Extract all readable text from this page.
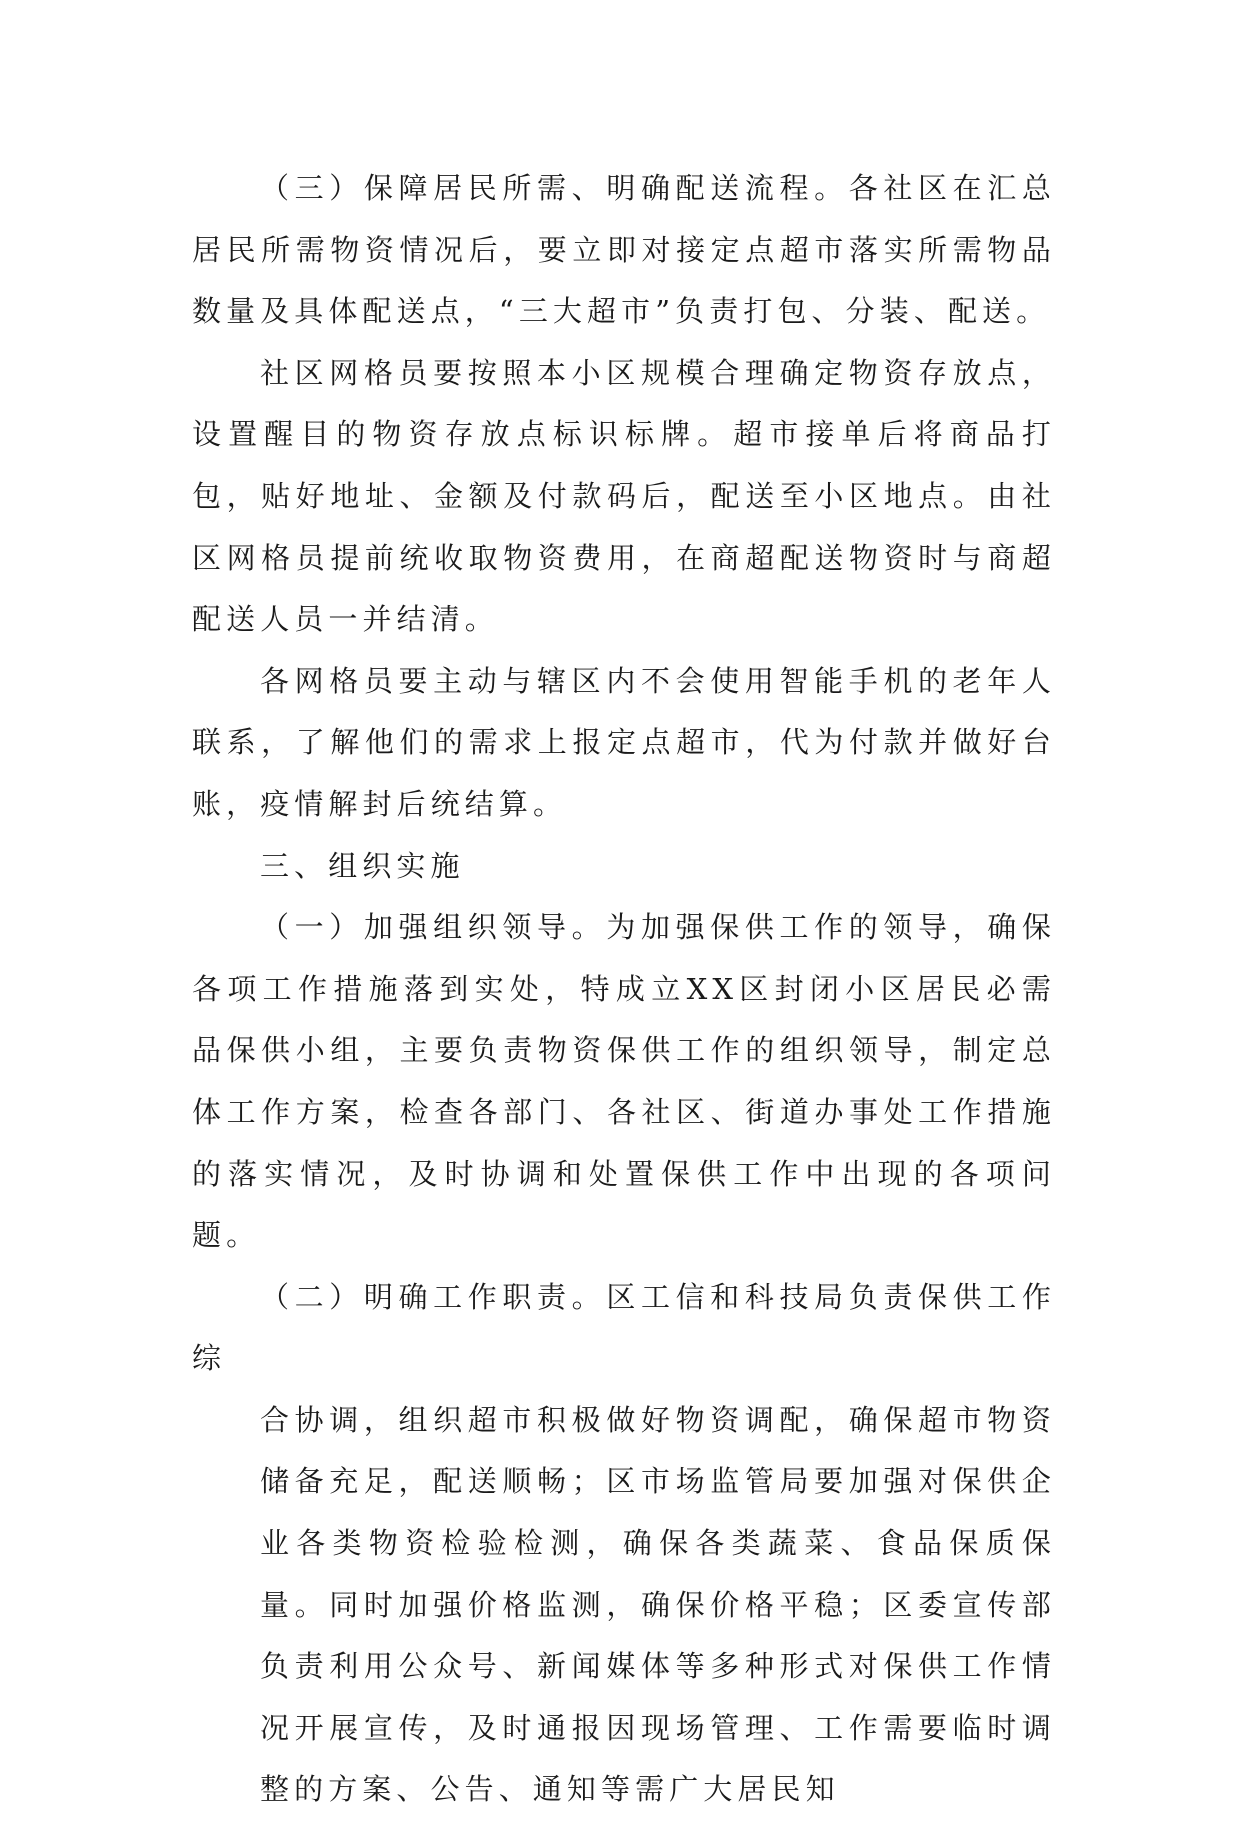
（三）保障居民所需、明确配送流程。各社区在汇总居民所需物资情况后，要立即对接定点超市落实所需物品数量及具体配送点，“三大超市”负责打包、分装、配送。

社区网格员要按照本小区规模合理确定物资存放点，设置醒目的物资存放点标识标牌。超市接单后将商品打包，贴好地址、金额及付款码后，配送至小区地点。由社区网格员提前统收取物资费用，在商超配送物资时与商超配送人员一并结清。

各网格员要主动与辖区内不会使用智能手机的老年人联系，了解他们的需求上报定点超市，代为付款并做好台账，疫情解封后统结算。

三、组织实施

（一）加强组织领导。为加强保供工作的领导，确保各项工作措施落到实处，特成立XX区封闭小区居民必需品保供小组，主要负责物资保供工作的组织领导，制定总体工作方案，检查各部门、各社区、街道办事处工作措施的落实情况，及时协调和处置保供工作中出现的各项问题。

（二）明确工作职责。区工信和科技局负责保供工作综

合协调，组织超市积极做好物资调配，确保超市物资储备充足，配送顺畅；区市场监管局要加强对保供企业各类物资检验检测，确保各类蔬菜、食品保质保量。同时加强价格监测，确保价格平稳；区委宣传部负责利用公众号、新闻媒体等多种形式对保供工作情况开展宣传，及时通报因现场管理、工作需要临时调整的方案、公告、通知等需广大居民知
